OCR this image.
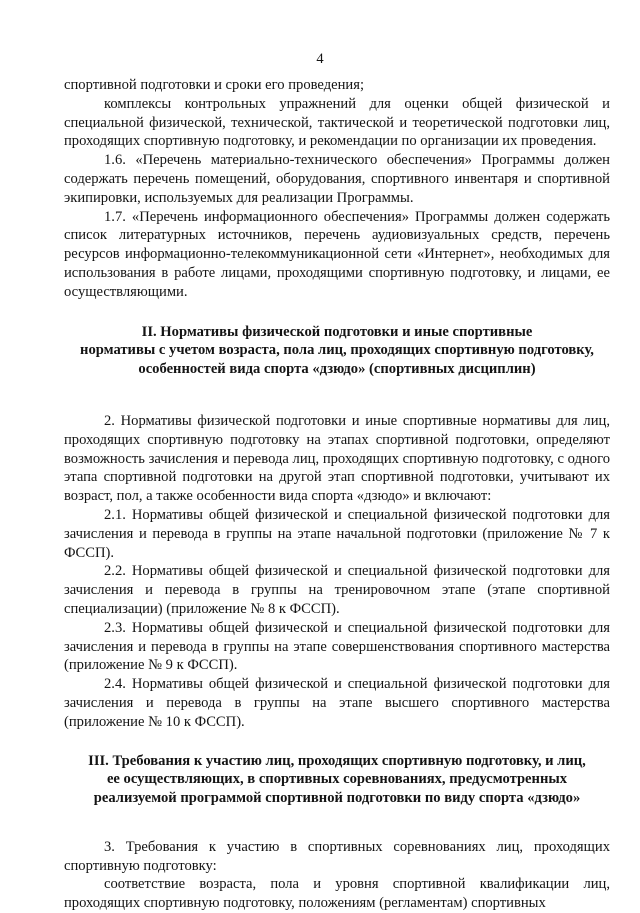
4

спортивной подготовки и сроки его проведения;

комплексы контрольных упражнений для оценки общей физической и специальной физической, технической, тактической и теоретической подготовки лиц, проходящих спортивную подготовку, и рекомендации по организации их проведения.

1.6. «Перечень материально-технического обеспечения» Программы должен содержать перечень помещений, оборудования, спортивного инвентаря и спортивной экипировки, используемых для реализации Программы.

1.7. «Перечень информационного обеспечения» Программы должен содержать список литературных источников, перечень аудиовизуальных средств, перечень ресурсов информационно-телекоммуникационной сети «Интернет», необходимых для использования в работе лицами, проходящими спортивную подготовку, и лицами, ее осуществляющими.

II. Нормативы физической подготовки и иные спортивные
нормативы с учетом возраста, пола лиц, проходящих спортивную подготовку,
особенностей вида спорта «дзюдо» (спортивных дисциплин)

2. Нормативы физической подготовки и иные спортивные нормативы для лиц, проходящих спортивную подготовку на этапах спортивной подготовки, определяют возможность зачисления и перевода лиц, проходящих спортивную подготовку, с одного этапа спортивной подготовки на другой этап спортивной подготовки, учитывают их возраст, пол, а также особенности вида спорта «дзюдо» и включают:

2.1. Нормативы общей физической и специальной физической подготовки для зачисления и перевода в группы на этапе начальной подготовки (приложение № 7 к ФССП).

2.2. Нормативы общей физической и специальной физической подготовки для зачисления и перевода в группы на тренировочном этапе (этапе спортивной специализации) (приложение № 8 к ФССП).

2.3. Нормативы общей физической и специальной физической подготовки для зачисления и перевода в группы на этапе совершенствования спортивного мастерства (приложение № 9 к ФССП).

2.4. Нормативы общей физической и специальной физической подготовки для зачисления и перевода в группы на этапе высшего спортивного мастерства (приложение № 10 к ФССП).

III. Требования к участию лиц, проходящих спортивную подготовку, и лиц,
ее осуществляющих, в спортивных соревнованиях, предусмотренных
реализуемой программой спортивной подготовки по виду спорта «дзюдо»

3. Требования к участию в спортивных соревнованиях лиц, проходящих спортивную подготовку:

соответствие возраста, пола и уровня спортивной квалификации лиц, проходящих спортивную подготовку, положениям (регламентам) спортивных
